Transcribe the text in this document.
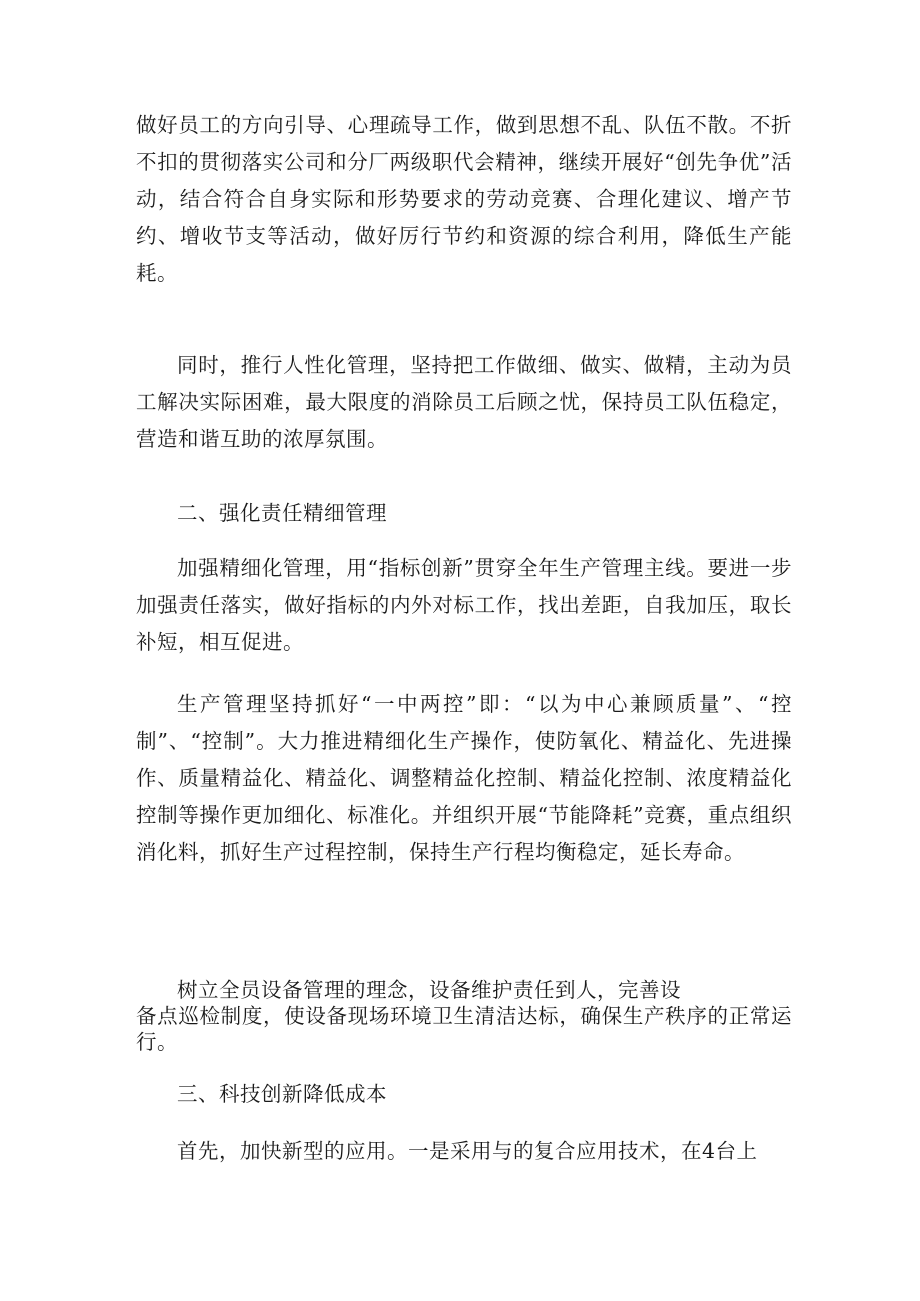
做好员工的方向引导、心理疏导工作，做到思想不乱、队伍不散。不折不扣的贯彻落实公司和分厂两级职代会精神，继续开展好“创先争优”活动，结合符合自身实际和形势要求的劳动竞赛、合理化建议、增产节约、增收节支等活动，做好厉行节约和资源的综合利用，降低生产能耗。

同时，推行人性化管理，坚持把工作做细、做实、做精，主动为员工解决实际困难，最大限度的消除员工后顾之忧，保持员工队伍稳定，营造和谐互助的浓厚氛围。

二、强化责任精细管理

加强精细化管理，用“指标创新”贯穿全年生产管理主线。要进一步加强责任落实，做好指标的内外对标工作，找出差距，自我加压，取长补短，相互促进。

生产管理坚持抓好“一中两控”即：“以为中心兼顾质量”、“控制”、“控制”。大力推进精细化生产操作，使防氧化、精益化、先进操作、质量精益化、精益化、调整精益化控制、精益化控制、浓度精益化控制等操作更加细化、标准化。并组织开展“节能降耗”竞赛，重点组织消化料，抓好生产过程控制，保持生产行程均衡稳定，延长寿命。

树立全员设备管理的理念，设备维护责任到人，完善设
备点巡检制度，使设备现场环境卫生清洁达标，确保生产秩序的正常运行。

三、科技创新降低成本

首先，加快新型的应用。一是采用与的复合应用技术，在4台上
